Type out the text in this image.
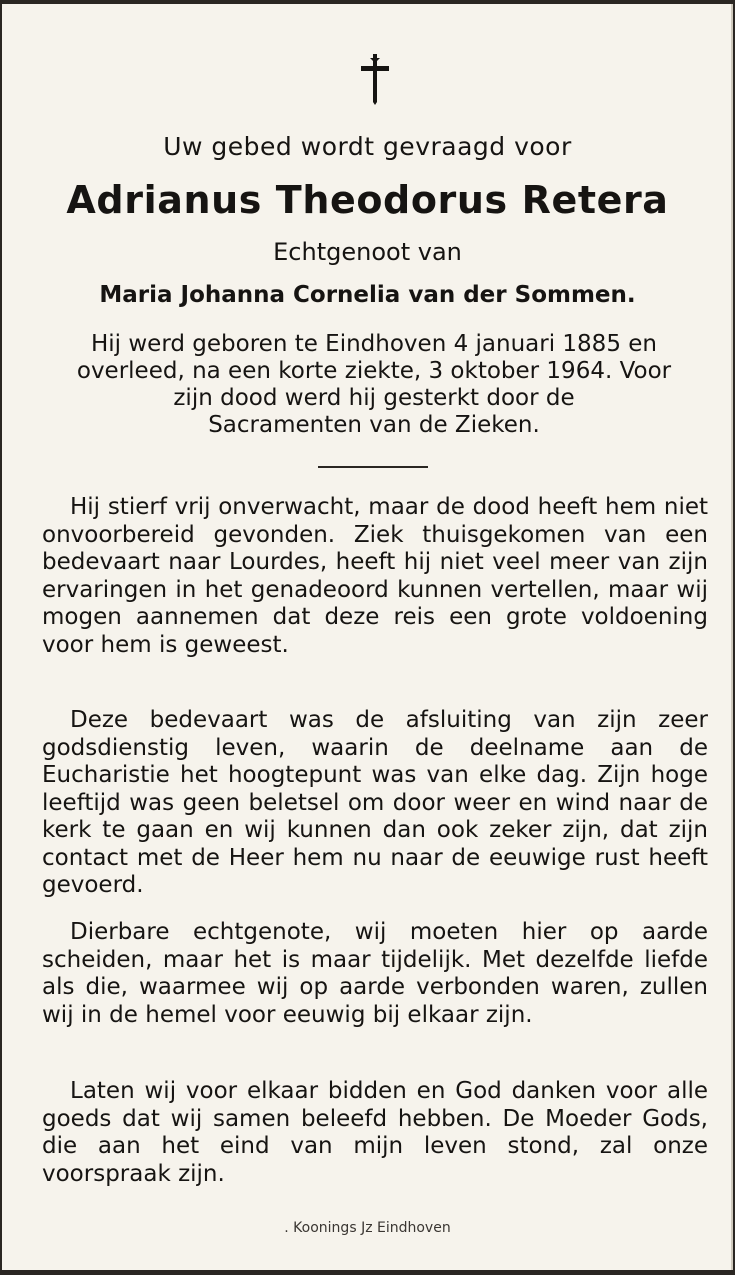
Uw gebed wordt gevraagd voor
Adrianus Theodorus Retera
Echtgenoot van
Maria Johanna Cornelia van der Sommen.
Hij werd geboren te Eindhoven 4 januari 1885 en
overleed, na een korte ziekte, 3 oktober 1964. Voor
zijn dood werd hij gesterkt door de
Sacramenten van de Zieken.
Hij stierf vrij onverwacht, maar de dood heeft hem niet onvoorbereid gevonden. Ziek thuisgekomen van een bedevaart naar Lourdes, heeft hij niet veel meer van zijn ervaringen in het genadeoord kunnen vertellen, maar wij mogen aannemen dat deze reis een grote voldoening voor hem is geweest.
Deze bedevaart was de afsluiting van zijn zeer godsdienstig leven, waarin de deelname aan de Eucharistie het hoogtepunt was van elke dag. Zijn hoge leeftijd was geen beletsel om door weer en wind naar de kerk te gaan en wij kunnen dan ook zeker zijn, dat zijn contact met de Heer hem nu naar de eeuwige rust heeft gevoerd.
Dierbare echtgenote, wij moeten hier op aarde scheiden, maar het is maar tijdelijk. Met dezelfde liefde als die, waarmee wij op aarde verbonden waren, zullen wij in de hemel voor eeuwig bij elkaar zijn.
Laten wij voor elkaar bidden en God danken voor alle goeds dat wij samen beleefd hebben. De Moeder Gods, die aan het eind van mijn leven stond, zal onze voorspraak zijn.
. Koonings Jz Eindhoven
